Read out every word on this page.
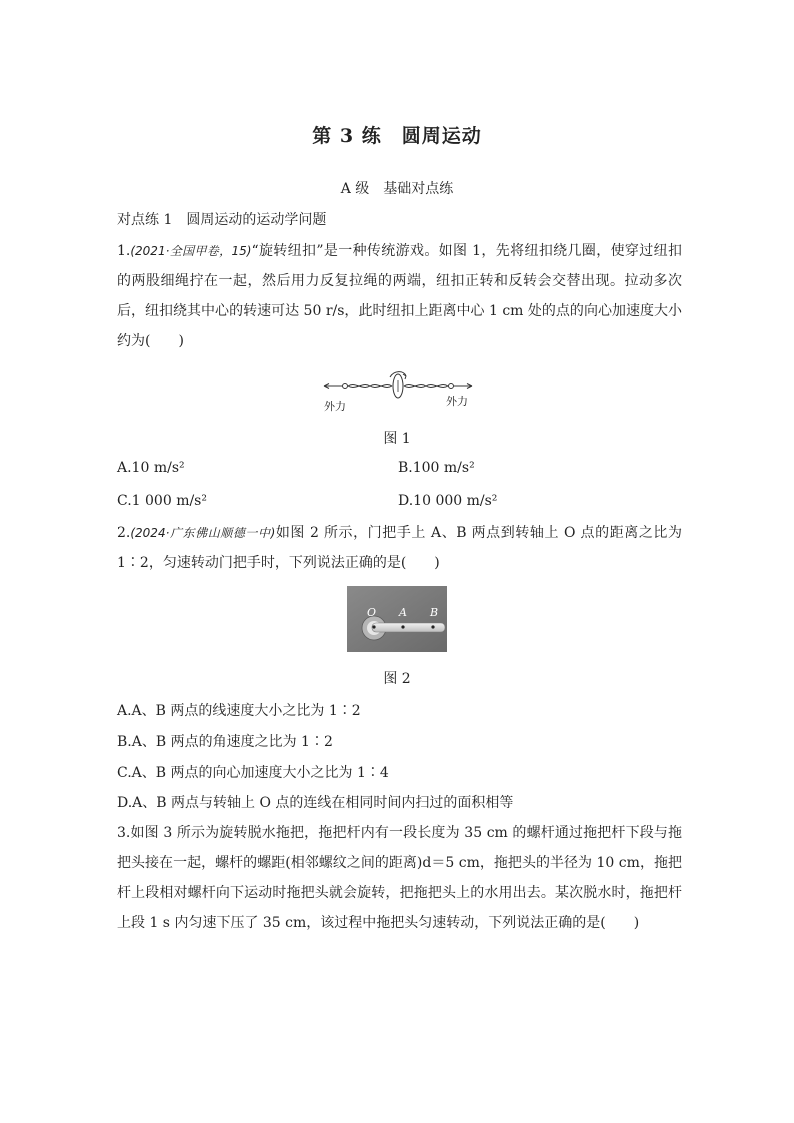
第 3 练　圆周运动
A 级　基础对点练
对点练 1　圆周运动的运动学问题

1.(2021·全国甲卷，15)“旋转纽扣”是一种传统游戏。如图 1，先将纽扣绕几圈，使穿过纽扣的两股细绳拧在一起，然后用力反复拉绳的两端，纽扣正转和反转会交替出现。拉动多次后，纽扣绕其中心的转速可达 50 r/s，此时纽扣上距离中心 1 cm 处的点的向心加速度大小约为(　　)

外力	外力
图 1
A.10 m/s²	B.100 m/s²
C.1 000 m/s²	D.10 000 m/s²

2.(2024·广东佛山顺德一中)如图 2 所示，门把手上 A、B 两点到转轴上 O 点的距离之比为 1∶2，匀速转动门把手时，下列说法正确的是(　　)

O A B
图 2
A.A、B 两点的线速度大小之比为 1∶2
B.A、B 两点的角速度之比为 1∶2
C.A、B 两点的向心加速度大小之比为 1∶4
D.A、B 两点与转轴上 O 点的连线在相同时间内扫过的面积相等

3.如图 3 所示为旋转脱水拖把，拖把杆内有一段长度为 35 cm 的螺杆通过拖把杆下段与拖把头接在一起，螺杆的螺距(相邻螺纹之间的距离)d＝5 cm，拖把头的半径为 10 cm，拖把杆上段相对螺杆向下运动时拖把头就会旋转，把拖把头上的水用出去。某次脱水时，拖把杆上段 1 s 内匀速下压了 35 cm，该过程中拖把头匀速转动，下列说法正确的是(　　)
